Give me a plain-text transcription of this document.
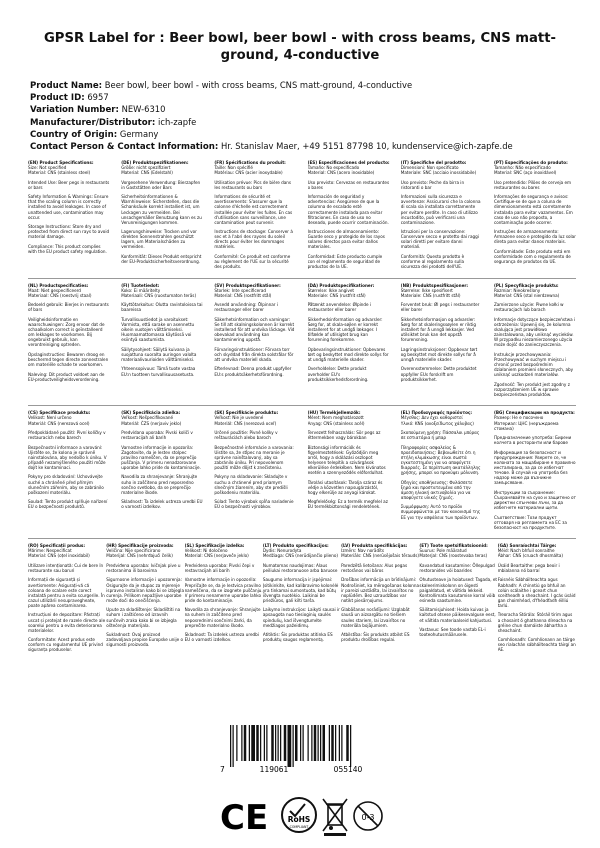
GPSR Label for : Beer bowl, beer bowl - with cross beams, CNS matt-ground, 4-conductive
Product Name: Beer bowl, beer bowl - with cross beams, CNS matt-ground, 4-conductive
Product ID: 6957
Variation Number: NEW-6310
Manufacturer/Distributor: ich-zapfe
Country of Origin: Germany
Contact Person & Contact Information: Hr. Stanislav Maer, +49 5151 87798 10, kundenservice@ich-zapfe.de
(EN) Product Specifications:

Size: Not specified
Material: CNS (stainless steel)

Intended Use: Beer pegs in restaurants or bars

Safety Information & Warnings: Ensure that the scaling column is correctly installed to avoid leakages. In case of unattended use, contamination may occur.

Storage Instructions: Store dry and protected from direct sun rays to avoid material damage.

Compliance: This product complies with the EU product safety regulation.

(DE) Produktspezifikationen:

Größe: nicht spezifiziert
Material: CNS (Edelstahl)

Vorgesehene Verwendung: Bierzapfen in Gaststätten oder Bars

Sicherheitsinformationen & Warnhinweise: Sicherstellen, dass die Schanksäule korrekt installiert ist, um Leckagen zu vermeiden. Bei unsachgemäßer Benutzung kann es zu Verunreinigungen kommen.

Lagerungshinweise: Trocken und vor direkten Sonnenstrahlen geschützt lagern, um Materialschäden zu vermeiden.

Konformität: Dieses Produkt entspricht der EU-Produktsicherheitsverordnung.

(FR) Spécifications du produit:

Taille: Non spécifié
Matériau: CNS (acier inoxydable)

Utilisation prévue: Pics de bière dans les restaurants ou bars

Informations de sécurité et avertissements: S'assurer que la colonne d'échelle est correctement installée pour éviter les fuites. En cas d'utilisation sans surveillance, une contamination peut survenir.

Instructions de stockage: Conserver à sec et à l'abri des rayons du soleil directs pour éviter les dommages matériels.

Conformité: Ce produit est conforme au règlement de l'UE sur la sécurité des produits.

(ES) Especificaciones del producto:

Tamaño: No especificado
Material: CNS (acero inoxidable)

Uso previsto: Cervezas en restaurantes o bares

Información de seguridad y advertencias: Asegúrese de que la columna de escalado esté correctamente instalada para evitar filtraciones. En caso de uso no deseado, puede ocurrir contaminación.

Instrucciones de almacenamiento: Guarde seco y protegido de los rayos solares directos para evitar daños materiales.

Conformidad: Este producto cumple con el reglamento de seguridad de productos de la UE.

(IT) Specifiche del prodotto:

Dimensioni: Non specificato
Materiale: SNC (acciaio inossidabile)

Uso previsto: Peche da birra in ristoranti o bar

Informazioni sulla sicurezza e avvertenze: Assicurarsi che la colonna di scala sia installata correttamente per evitare perdite. In caso di utilizzo incustodito, può verificarsi una contaminazione.

Istruzioni per la conservazione: Conservare secco e protetto dai raggi solari diretti per evitare danni materiali.

Conformità: Questo prodotto è conforme al regolamento sulla sicurezza dei prodotti dell'UE.

(PT) Especificações do produto:

Tamanho: Não especificado
Material: SNC (aço inoxidável)

Uso pretendido: Pilões de cerveja em restaurantes ou bares

Informações de segurança e avisos: Certifique-se de que a coluna de dimensionamento está corretamente instalada para evitar vazamentos. Em caso de uso não proposto, a contaminação pode ocorrer.

Instruções de armazenamento: Armazene seco e protegido da luz solar direta para evitar danos materiais.

Conformidade: Este produto está em conformidade com o regulamento de segurança de produtos da UE.

(NL) Productspecificaties:

Maat: Niet gespecificeerd
Materiaal: CNS (roestvrij staal)

Bedoeld gebruik: Bierjes in restaurants of bars

Veiligheidsinformatie en waarschuwingen: Zorg ervoor dat de schaalkolom correct is geïnstalleerd om lekkages te voorkomen. Bij ongebruikt gebruik, kan verontreiniging optreden.

Opslaginstructies: Bewaren droog en beschermd tegen directe zonnestralen om materiële schade te voorkomen.

Naleving: Dit product voldoet aan de EU-productveiligheidsverordening.

(FI) Tuotetiedot:

Koko: Ei määritelty
Materiaali: CNS (ruostumaton teräs)

Käyttötarkoitus: Olutta ravintoloissa tai baareissa

Turvallisuustiedot ja varoitukset: Varmista, että sarake on asennettu oikein vuotojen välttämiseksi. Huomaamattomassa käytössä voi esiintyä saastumista.

Säilytysohjeet: Säilytä kuivana ja suojattuna suoralta auringon valolta materiaalivaurioiden välttämiseksi.

Yhteensopivuus: Tämä tuote vastaa EU:n tuotteen turvallisuusasetusta.

(SV) Produktspecifikationer:

Storlek: Inte specificerad
Material: CNS (rostfritt stål)

Avsedd användning: Ölpinnar i restauranger eller barer

Säkerhetsinformation och varningar: Se till att skalningskolonnen är korrekt installerad för att undvika läckage. Vid obevakad användning kan kontaminering uppstå.

Förvaringsinstruktioner: Förvara torr och skyddad från direkta solstrålar för att undvika materiell skada.

Efterlevnad: Denna produkt uppfyller EU:s produktsäkerhetsförordning.

(DA) Produktspecifikationer:

Størrelse: Ikke angivet
Materiale: CNS (rustfrit stål)

Påtænkt anvendelse: Ølpinde i restauranter eller barer

Sikkerhedsinformation og advarsler: Sørg for, at skala-søjlen er korrekt installeret for at undgå lækager. I tilfælde af utilsigtet brug kan forurening forekomme.

Opbevaringsinstruktioner: Opbevares tørt og beskyttet mod direkte sollys for at undgå materielle skader.

Overholdelse: Dette produkt overholder EU's produktsikkerhedsforordning.

(NB) Produktspesifikasjoner:

Størrelse: Ikke spesifisert
Materiale: CNS (rustfritt stål)

Forventet bruk: Øl pegs i restauranter eller barer

Sikkerhetsinformasjon og advarsler: Sørg for at skaleringssøylen er riktig installert for å unngå lekkasjer. Ved utilsiktet bruk kan det oppstå forurensning.

Lagringsinstruksjoner: Oppbevar tørt og beskyttet mot direkte sollys for å unngå materielle skader.

Overensstemmelse: Dette produktet oppfyller EUs forskrift om produktsikkerhet.

(PL) Specyfikacje produktu:

Rozmiar: Nieokreślony
Materiał: CNS (stal nierdzewna)

Zamierzone użycie: Piwne kołki w restauracjach lub barach

Informacje dotyczące bezpieczeństwa i ostrzeżenia: Upewnij się, że kolumna skalująca jest prawidłowo zainstalowana, aby uniknąć wycieków. W przypadku niezamierzonego użycia może dojść do zanieczyszczenia.

Instrukcje przechowywania: Przechowywać w suchym miejscu i chronić przed bezpośrednim działaniem promieni słonecznych, aby uniknąć uszkodzeń materiałów.

Zgodność: Ten produkt jest zgodny z rozporządzeniem UE w sprawie bezpieczeństwa produktów.

(CS) Specifikace produktu:

Velikost: Není určeno
Materiál: CNS (nerezová ocel)

Předpokládané použití: Pivní kolíčky v restauracích nebo barech

Bezpečnostní informace a varování: Ujistěte se, že kolona je správně nainstalována, aby nedošlo k úniku. V případě nezamýšleného použití může dojít ke kontaminaci.

Pokyny pro skladování: Uchovávejte suché a chráněné před přímým slunečním zářením, aby se zabránilo poškození materiálu.

Soulad: Tento produkt splňuje nařízení EU o bezpečnosti produktů.

(SK) Špecifikácia zdielka:

Veľkosť: Nešpecifikované
Materiál: ČZS (nerjaviv jeklo)

Predvídana uporaba: Pivski količi v restavracijah ali barih

Varnostne informacije in opozorila: Zagotovite, da je lestev stolpec pravilno nameščen, da se preprečijo puščanja. V primeru nenadzorovane uporabe lahko pride do kontaminacije.

Navodila za shranjevanje: Shranjujte suho in zaščiteno pred neposredno sončno svetlobo, da se preprečijo materialne škode.

Skladnost: Ta izdelek ustreza uredbi EU o varnosti izdelkov.

(SK) Špecifikácie produktu:

Veľkosť: Nie je uvedené
Materiál: CNS (nerezová oceľ)

Určené použitie: Pivné kolíky v reštauráciách alebo baroch

Bezpečnostné informácie a varovania: Uistite sa, že stĺpec na meranie je správne nainštalovaný, aby sa zabránilo úniku. Pri nepovolenom použití môže dôjsť k znečisteniu.

Pokyny na skladovanie: Skladujte v suchu a chránené pred priamym slnečným žiarením, aby ste predišli poškodeniu materiálu.

Súlad: Tento výrobok spĺňa nariadenie EÚ o bezpečnosti výrobkov.

(HU) Termékjellemzők:

Méret: Nem meghatározott
Anyag: CNS (stainless acél)

Tervezett felhasználás: Sör pegs az éttermekben vagy bárokban

Biztonsági információk és figyelmeztetések: Győződjön meg arról, hogy a skálázási oszlopot helyesen telepítik a szivárgások elkerülése érdekében. Nem kívánatos esetén a szennyeződés előfordulhat.

Tárolási utasítások: Tárolja száraz és védje a közvetlen napsugárzástól, hogy elkerülje az anyagi károkat.

Megfelelőség: Ez a termék megfelel az EU termékbiztonsági rendeletének.

(EL) Προδιαγραφές προϊόντος:

Μέγεθος: Δεν έχει καθοριστεί
Υλικό: KNS (ανοξείδωτος χάλυβας)

Σκοπούμενη χρήση: Πάσσαλοι μπύρας σε εστιατόρια ή μπαρ

Πληροφορίες ασφαλείας & προειδοποιήσεις: Βεβαιωθείτε ότι η στήλη κλιμάκωσης είναι σωστά εγκατεστημένη για να αποφύγετε διαρροές. Σε περίπτωση ακατάλληλης χρήσης, μπορεί να προκύψει μόλυνση.

Οδηγίες αποθήκευσης: Φυλάσσετε ξηρά και προστατευμένα από την άμεση ηλιακή ακτινοβολία για να αποφύγετε υλικές ζημιές.

Συμμόρφωση: Αυτό το προϊόν συμμορφώνεται με τον κανονισμό της ΕΕ για την ασφάλεια των προϊόντων.

(BG) Спецификации на продукта:

Размер: Не е посочено
Материал: ЦНС (неръждаема стомана)

Предназначение употреба: Бирени колчета в ресторанти или барове

Информация за безопасност и предупреждения: Уверете се, че колоната за мащабиране е правилно инсталирана, за да се избегнат течове. В случай на употреба без надзор може да възникне замърсяване.

Инструкции за съхранение: Съхранявайте на сухо и защитено от директни слънчеви лъчи, за да избегнете материални щети.

Съответствие: Този продукт отговаря на регламента на ЕС за безопасност на продуктите.

(RO) Specificații produs:

Mărime: Nespecificat
Material: CNS (oțel inoxidabil)

Utilizare intenționată: Cui de bere în restaurante sau baruri

Informații de siguranță și avertismente: Asigurați-vă că coloana de scalare este corect instalată pentru a evita scurgerile. În cazul utilizării nesupravegheate, poate apărea contaminarea.

Instrucțiuni de depozitare: Păstrați uscat și protejat de razele directe ale soarelui pentru a evita deteriorarea materialelor.

Conformitate: Acest produs este conform cu regulamentul UE privind siguranța produselor.

(HR) Specifikacije proizvoda:

Veličina: Nije specificirano
Materijal: CNS (nehrđajući čelik)

Predviđena uporaba: Ivičnjak pive u restoranima ili barovima

Sigurnosne informacije i upozorenja: Osigurajte da je stupac za mjerenje ispravno instaliran kako bi se izbjegla curenja. Prilikom nepažljive uporabe može doći do onečišćenja.

Upute za skladištenje: Skladištiti na suhom i zaštićeno od izravnih sunčevih zraka kako bi se izbjegla oštećenja materijala.

Sukladnost: Ovaj proizvod zadovoljava propise Europske unije o sigurnosti proizvoda.

(SL) Specifikacije izdelka:

Velikost: Ni določeno
Material: CNS (nerjaveče jeklo)

Predvidena uporaba: Pivski čepi v restavracijah ali barih

Varnostne informacije in opozorila: Prepričajte se, da je lestvica pravilno nameščena, da se izognete puščanju. V primeru nenamerne uporabe lahko pride do kontaminacije.

Navodila za shranjevanje: Shranjujte na suhem in zaščiteno pred neposrednimi sončnimi žarki, da preprečite materialno škodo.

Skladnost: Ta izdelek ustreza uredbi EU o varnosti izdelkov.

(LT) Produkto specifikacijos:

Dydis: Nenurodyta
Medžiaga: CNS (nerūdijančio plieno)

Numatomas naudojimas: Alaus peiliukai restoranuose arba baruose

Saugumo informacija ir įspėjimai: Įsitikinkite, kad kalibravimo kolonėlė yra tinkamai sumontuota, kad būtų išvengta nuotėkio. Laikinai be priežiūros, gali kilti tarša.

Laikymo instrukcijos: Laikyti sausai ir apsaugota nuo tiesioginių saulės spindulių, kad išvengtumėte medžiagos pažeidimų.

Atitiktis: Šis produktas atitinka ES produktų saugos reglamentą.

(LV) Produkta specifikācijas:

Izmērs: Nav norādīts
Materiāls: CNS (nerūsējošais tērauds)

Paredzētā lietošana: Alus pegas restorānos vai bāros

Drošības informācija un brīdinājumi: Nodrošiniet, ka mērogošanas kolonna ir pareizi uzstādīta, lai izvairītos no noplūdēm. Bez uzraudzības var notikt piesārņojums.

Glabāšanas norādījumi: Uzglabāt sausā un aizsargātu no tiešiem saules stariem, lai izvairītos no materiāla bojājumiem.

Atbilstība: Šis produkts atbilst ES produktu drošības regulai.

(ET) Toote spetsifikatsioonid:

Suurus: Pole määratud
Materjal: CNS (roostevaba teras)

Kavandatud kasutamine: Õllepulgad restoranides või baarides

Ohutusteave ja hoiatused: Tagada, et skaleerimiskolonn on õigesti paigaldatud, et vältida lekkeid. Kontrollimata kasutamise korral võib esineda saastumine.

Säilitamisjuhised: Hoida kuivas ja kaitstud otsese päikesevalguse eest, et vältida materiaalseid kahjustusi.

Vastavus: See toode vastab EL-i tooteohutusmäärusele.

(GA) Sonraíochtaí Táirge:

Méid: Nach bhfuil sonraithe
Ábhar: CNS (cruach dhosmálta)

Úsáid Beartaithe: pega beoir i mbialanna nó barraí

Faisnéis Sábháilteachta agus Rabhadh: A chinntiú go bhfuil an colún scálaithe i gceart chun sceitheadh a sheachaint. I gcás úsáid gan choimhéad, d'fhéadfadh éilliú tarlú.

Treoracha Stórála: Stóráil tirim agus a chosaint ó ghathanna díreacha na gréine chun damáiste ábhartha a sheachaint.

Comhlíonadh: Comhlíonann an táirge seo rialachán sábháilteachta táirgí an AE.

7	119061	055140
CE	RoHS
COMPLIANT
0-3
